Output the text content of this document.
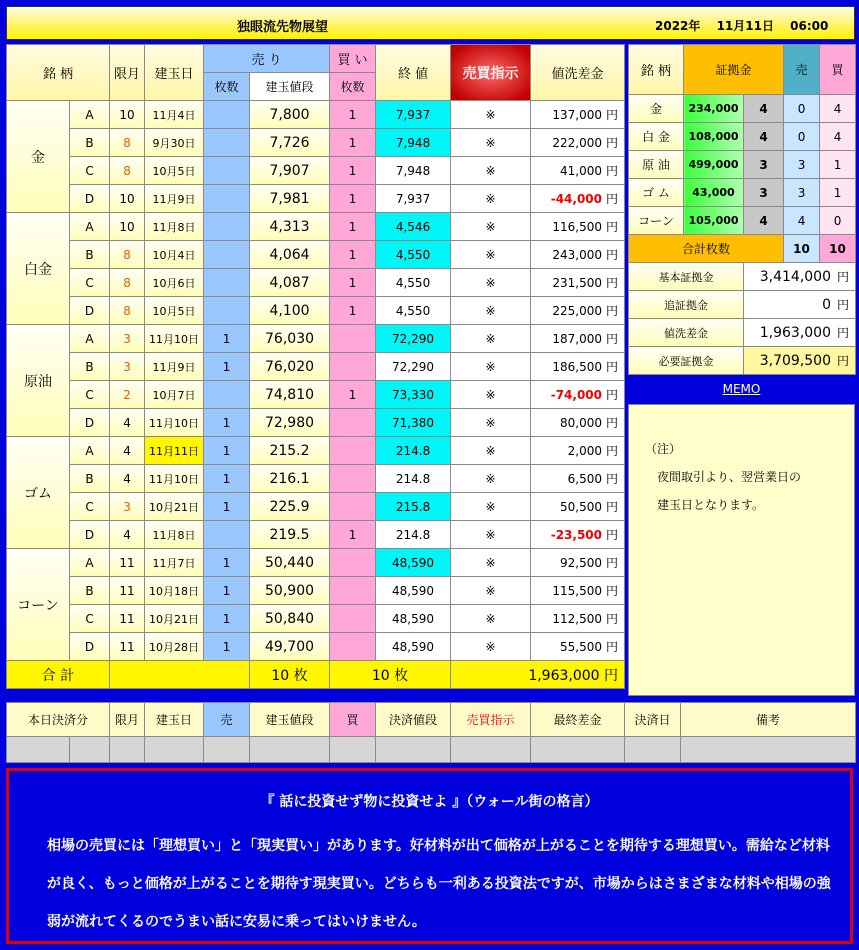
独眼流先物展望	2022年　 11月11日　 06:00
銘 柄		限月	建玉日	売 り		買 い	終 値	売買指示	値洗差金
				枚数	建玉値段	枚数			
金	A	10	11月4日		7,800	1	7,937	※	137,000 円
	B	8	9月30日		7,726	1	7,948	※	222,000 円
	C	8	10月5日		7,907	1	7,948	※	41,000 円
	D	10	11月9日		7,981	1	7,937	※	-44,000 円
白金	A	10	11月8日		4,313	1	4,546	※	116,500 円
	B	8	10月4日		4,064	1	4,550	※	243,000 円
	C	8	10月6日		4,087	1	4,550	※	231,500 円
	D	8	10月5日		4,100	1	4,550	※	225,000 円
原油	A	3	11月10日	1	76,030		72,290	※	187,000 円
	B	3	11月9日	1	76,020		72,290	※	186,500 円
	C	2	10月7日		74,810	1	73,330	※	-74,000 円
	D	4	11月10日	1	72,980		71,380	※	80,000 円
ゴム	A	4	11月11日	1	215.2		214.8	※	2,000 円
	B	4	11月10日	1	216.1		214.8	※	6,500 円
	C	3	10月21日	1	225.9		215.8	※	50,500 円
	D	4	11月8日		219.5	1	214.8	※	-23,500 円
コーン	A	11	11月7日	1	50,440		48,590	※	92,500 円
	B	11	10月18日	1	50,900		48,590	※	115,500 円
	C	11	10月21日	1	50,840		48,590	※	112,500 円
	D	11	10月28日	1	49,700		48,590	※	55,500 円
合 計					10 枚	10 枚		1,963,000 円	
銘 柄	証拠金		売	買
金	234,000	4	0	4
白 金	108,000	4	0	4
原 油	499,000	3	3	1
ゴ ム	43,000	3	3	1
コーン	105,000	4	4	0
合計枚数			10	10
基本証拠金		3,414,000 円		
追証拠金		0 円		
値洗差金		1,963,000 円		
必要証拠金		3,709,500 円		
MEMO
（注）
　夜間取引より、翌営業日の
　建玉日となります。
本日決済分		限月	建玉日	売	建玉値段	買	決済値段	売買指示	最終差金	決済日	備考

『 話に投資せず物に投資せよ 』（ウォール街の格言）
相場の売買には「理想買い」と「現実買い」があります。好材料が出て価格が上がることを期待する理想買い。需給など材料が良く、もっと価格が上がることを期待す現実買い。どちらも一利ある投資法ですが、市場からはさまざまな材料や相場の強弱が流れてくるのでうまい話に安易に乗ってはいけません。
